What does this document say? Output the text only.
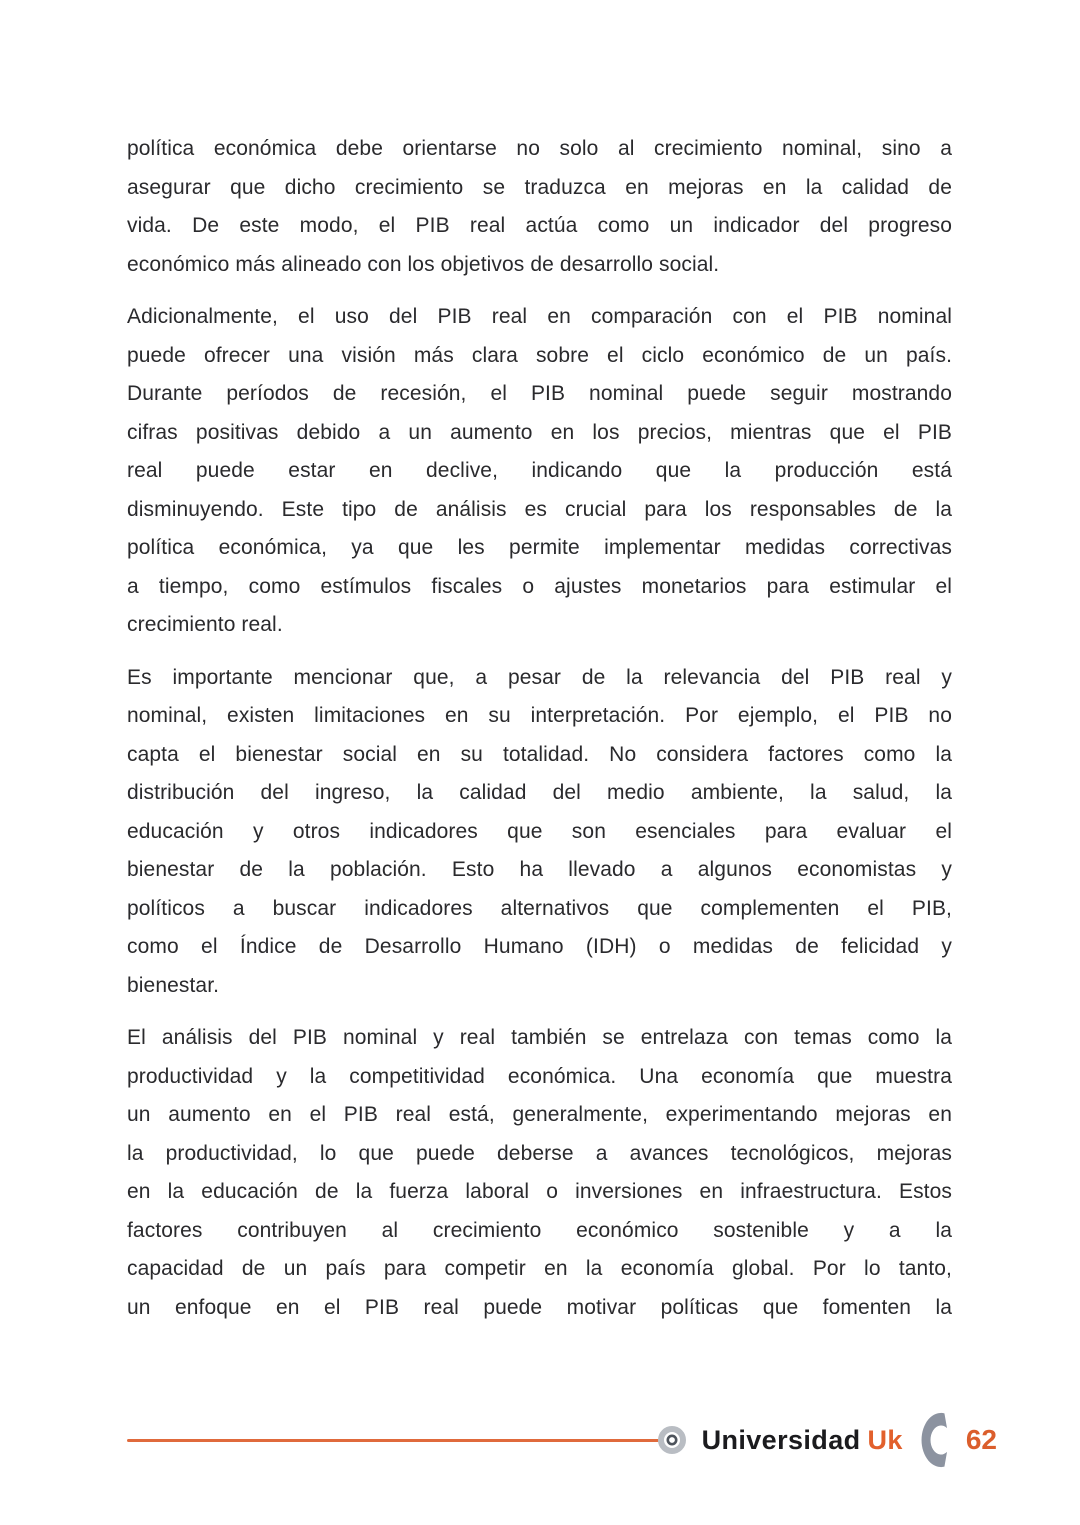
política económica debe orientarse no solo al crecimiento nominal, sino a
asegurar que dicho crecimiento se traduzca en mejoras en la calidad de
vida. De este modo, el PIB real actúa como un indicador del progreso
económico más alineado con los objetivos de desarrollo social.

Adicionalmente, el uso del PIB real en comparación con el PIB nominal
puede ofrecer una visión más clara sobre el ciclo económico de un país.
Durante períodos de recesión, el PIB nominal puede seguir mostrando
cifras positivas debido a un aumento en los precios, mientras que el PIB
real puede estar en declive, indicando que la producción está
disminuyendo. Este tipo de análisis es crucial para los responsables de la
política económica, ya que les permite implementar medidas correctivas
a tiempo, como estímulos fiscales o ajustes monetarios para estimular el
crecimiento real.

Es importante mencionar que, a pesar de la relevancia del PIB real y
nominal, existen limitaciones en su interpretación. Por ejemplo, el PIB no
capta el bienestar social en su totalidad. No considera factores como la
distribución del ingreso, la calidad del medio ambiente, la salud, la
educación y otros indicadores que son esenciales para evaluar el
bienestar de la población. Esto ha llevado a algunos economistas y
políticos a buscar indicadores alternativos que complementen el PIB,
como el Índice de Desarrollo Humano (IDH) o medidas de felicidad y
bienestar.

El análisis del PIB nominal y real también se entrelaza con temas como la
productividad y la competitividad económica. Una economía que muestra
un aumento en el PIB real está, generalmente, experimentando mejoras en
la productividad, lo que puede deberse a avances tecnológicos, mejoras
en la educación de la fuerza laboral o inversiones en infraestructura. Estos
factores contribuyen al crecimiento económico sostenible y a la
capacidad de un país para competir en la economía global. Por lo tanto,
un enfoque en el PIB real puede motivar políticas que fomenten la

Universidad Uk 62
